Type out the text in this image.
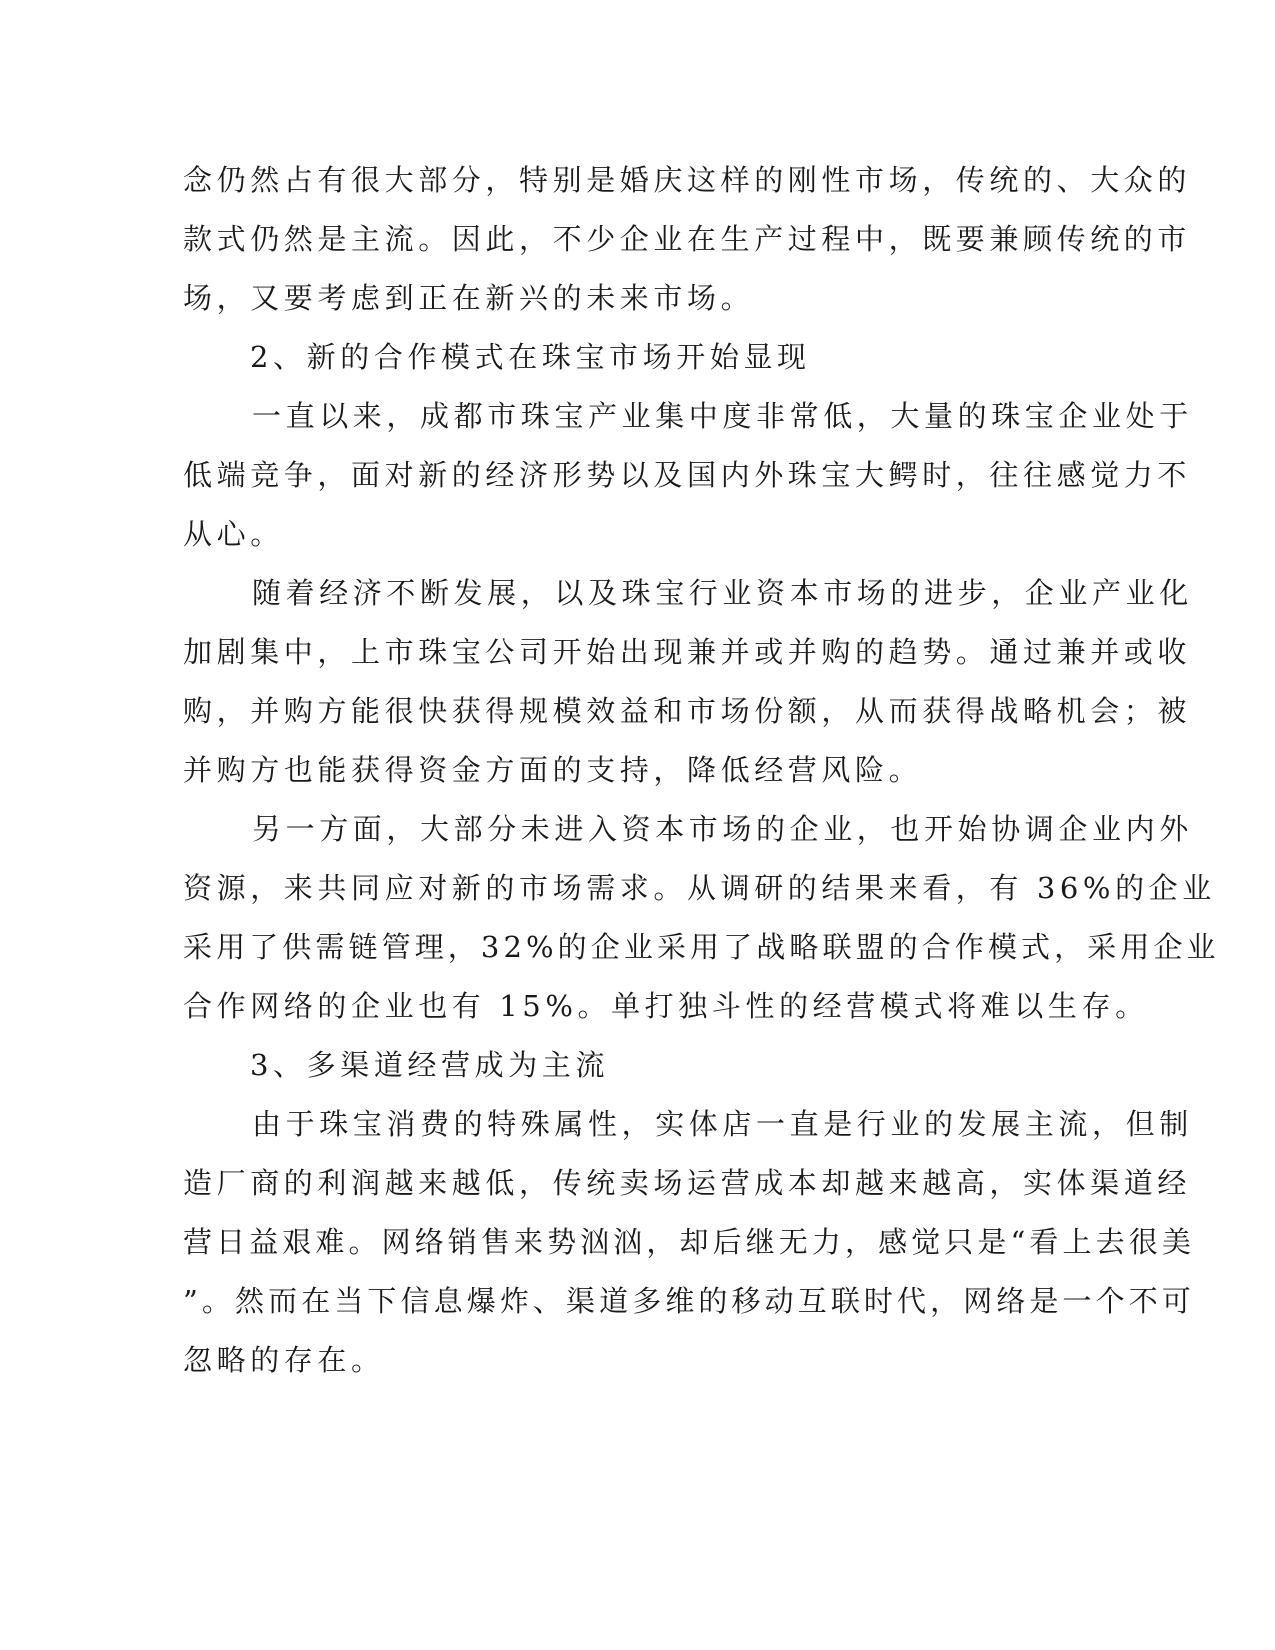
念仍然占有很大部分，特别是婚庆这样的刚性市场，传统的、大众的
款式仍然是主流。因此，不少企业在生产过程中，既要兼顾传统的市
场，又要考虑到正在新兴的未来市场。
2、新的合作模式在珠宝市场开始显现
一直以来，成都市珠宝产业集中度非常低，大量的珠宝企业处于
低端竞争，面对新的经济形势以及国内外珠宝大鳄时，往往感觉力不
从心。
随着经济不断发展，以及珠宝行业资本市场的进步，企业产业化
加剧集中，上市珠宝公司开始出现兼并或并购的趋势。通过兼并或收
购，并购方能很快获得规模效益和市场份额，从而获得战略机会；被
并购方也能获得资金方面的支持，降低经营风险。
另一方面，大部分未进入资本市场的企业，也开始协调企业内外
资源，来共同应对新的市场需求。从调研的结果来看，有 36%的企业
采用了供需链管理，32%的企业采用了战略联盟的合作模式，采用企业
合作网络的企业也有 15%。单打独斗性的经营模式将难以生存。
3、多渠道经营成为主流
由于珠宝消费的特殊属性，实体店一直是行业的发展主流，但制
造厂商的利润越来越低，传统卖场运营成本却越来越高，实体渠道经
营日益艰难。网络销售来势汹汹，却后继无力，感觉只是“看上去很美
”。然而在当下信息爆炸、渠道多维的移动互联时代，网络是一个不可
忽略的存在。
